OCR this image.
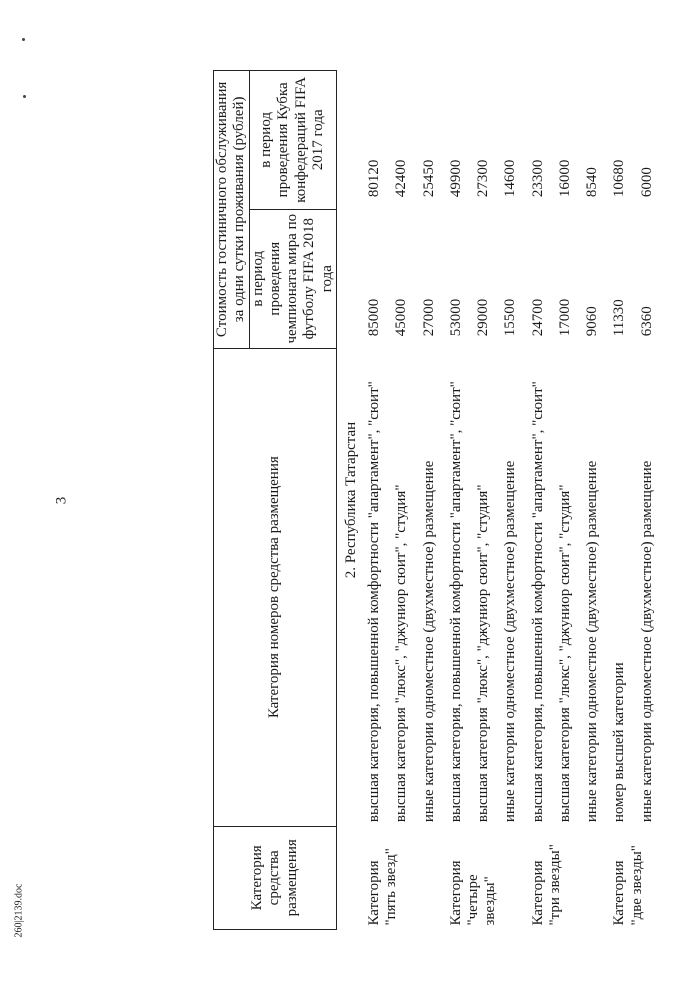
3
260|2139.doc
Категория средства размещения	Категория номеров средства размещения	Стоимость гостиничного обслуживания за одни сутки проживания (рублей)	
		в период проведения чемпионата мира по футболу FIFA 2018 года	в период проведения Кубка конфедераций FIFA 2017 года
2. Республика Татарстан			
Категория "пять звезд"	высшая категория, повышенной комфортности "апартамент", "сюит"	85000	80120
	высшая категория "люкс", "джуниор сюит", "студия"	45000	42400
	иные категории одноместное (двухместное) размещение	27000	25450
Категория "четыре звезды"	высшая категория, повышенной комфортности "апартамент", "сюит"	53000	49900
	высшая категория "люкс", "джуниор сюит", "студия"	29000	27300
	иные категории одноместное (двухместное) размещение	15500	14600
Категория "три звезды"	высшая категория, повышенной комфортности "апартамент", "сюит"	24700	23300
	высшая категория "люкс", "джуниор сюит", "студия"	17000	16000
	иные категории одноместное (двухместное) размещение	9060	8540
Категория "две звезды"	номер высшей категории	11330	10680
	иные категории одноместное (двухместное) размещение	6360	6000
